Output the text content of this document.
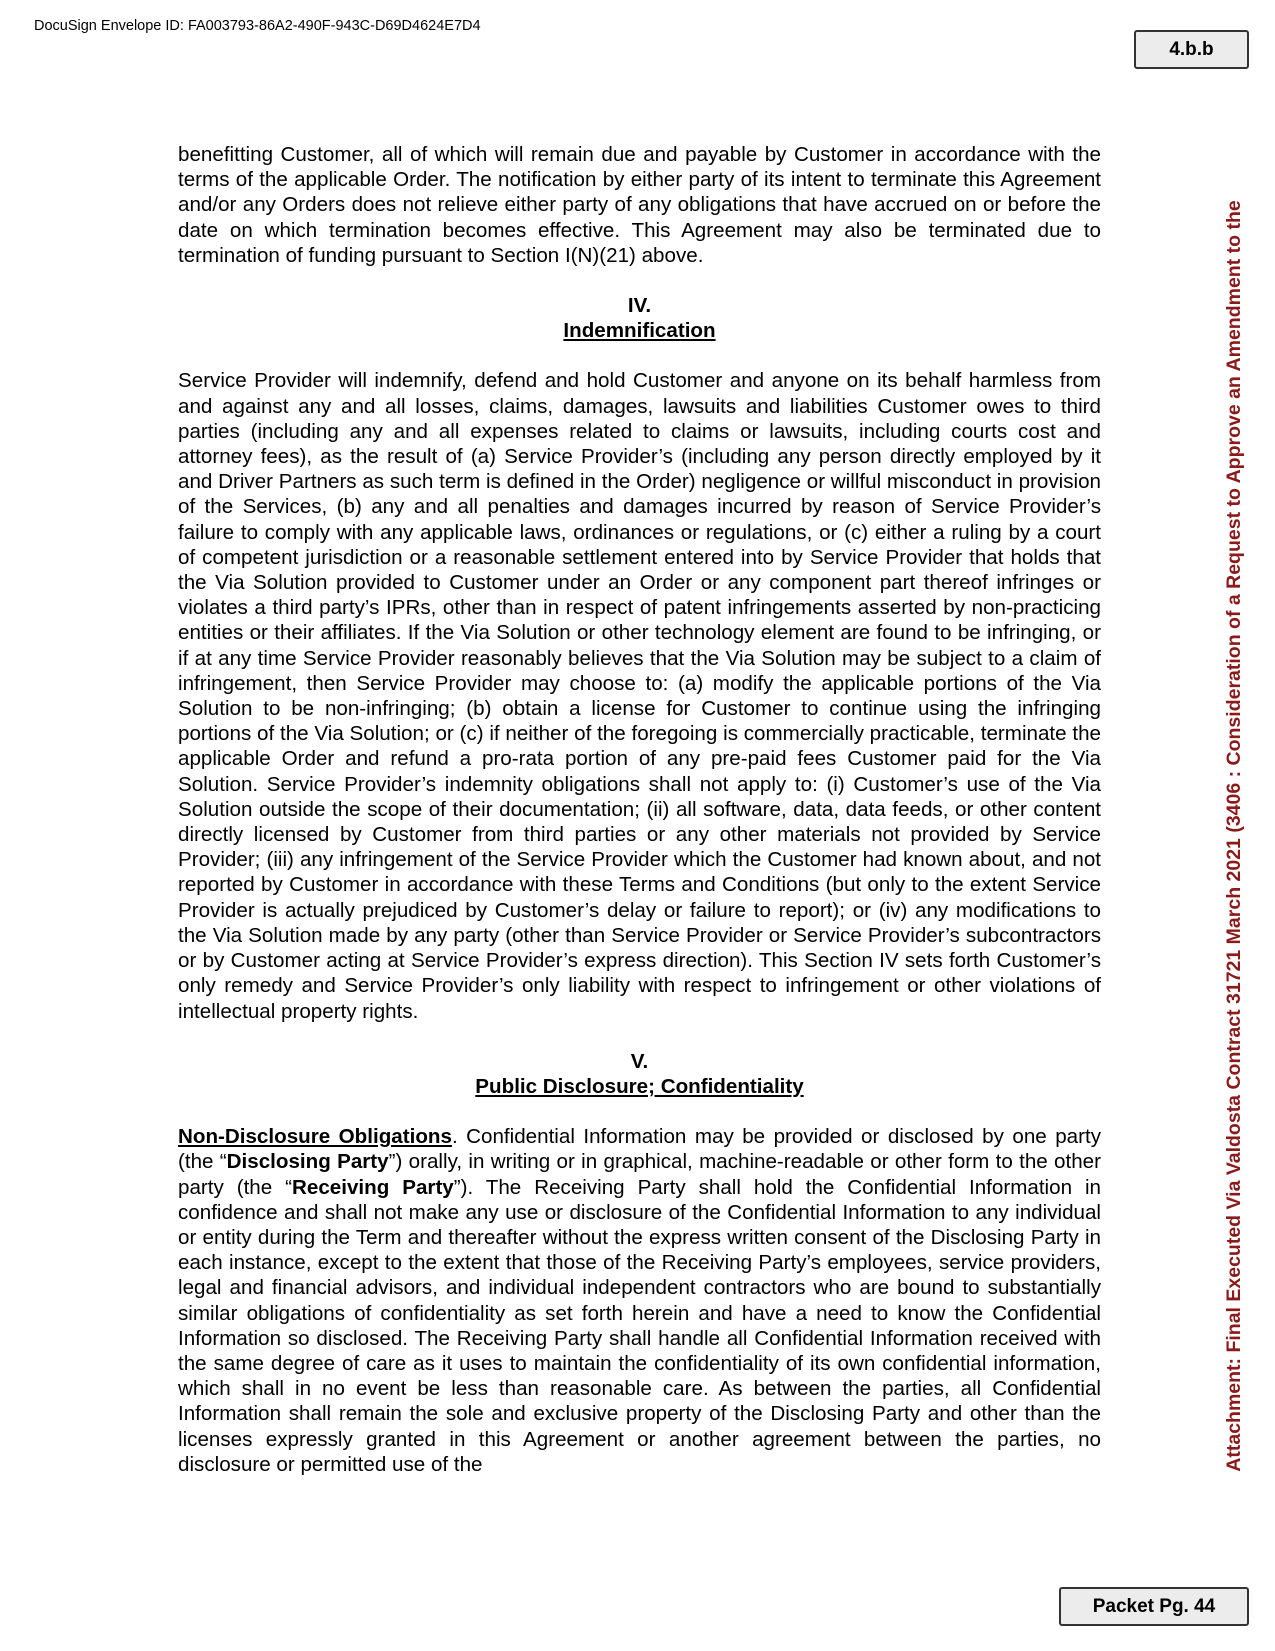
DocuSign Envelope ID: FA003793-86A2-490F-943C-D69D4624E7D4
4.b.b
Attachment: Final Executed Via Valdosta Contract 31721 March 2021 (3406 : Consideration of a Request to Approve an Amendment to the

benefitting Customer, all of which will remain due and payable by Customer in accordance with the terms of the applicable Order. The notification by either party of its intent to terminate this Agreement and/or any Orders does not relieve either party of any obligations that have accrued on or before the date on which termination becomes effective. This Agreement may also be terminated due to termination of funding pursuant to Section I(N)(21) above.

IV.
Indemnification

Service Provider will indemnify, defend and hold Customer and anyone on its behalf harmless from and against any and all losses, claims, damages, lawsuits and liabilities Customer owes to third parties (including any and all expenses related to claims or lawsuits, including courts cost and attorney fees), as the result of (a) Service Provider’s (including any person directly employed by it and Driver Partners as such term is defined in the Order) negligence or willful misconduct in provision of the Services, (b) any and all penalties and damages incurred by reason of Service Provider’s failure to comply with any applicable laws, ordinances or regulations, or (c) either a ruling by a court of competent jurisdiction or a reasonable settlement entered into by Service Provider that holds that the Via Solution provided to Customer under an Order or any component part thereof infringes or violates a third party’s IPRs, other than in respect of patent infringements asserted by non-practicing entities or their affiliates. If the Via Solution or other technology element are found to be infringing, or if at any time Service Provider reasonably believes that the Via Solution may be subject to a claim of infringement, then Service Provider may choose to: (a) modify the applicable portions of the Via Solution to be non-infringing; (b) obtain a license for Customer to continue using the infringing portions of the Via Solution; or (c) if neither of the foregoing is commercially practicable, terminate the applicable Order and refund a pro-rata portion of any pre-paid fees Customer paid for the Via Solution. Service Provider’s indemnity obligations shall not apply to: (i) Customer’s use of the Via Solution outside the scope of their documentation; (ii) all software, data, data feeds, or other content directly licensed by Customer from third parties or any other materials not provided by Service Provider; (iii) any infringement of the Service Provider which the Customer had known about, and not reported by Customer in accordance with these Terms and Conditions (but only to the extent Service Provider is actually prejudiced by Customer’s delay or failure to report); or (iv) any modifications to the Via Solution made by any party (other than Service Provider or Service Provider’s subcontractors or by Customer acting at Service Provider’s express direction). This Section IV sets forth Customer’s only remedy and Service Provider’s only liability with respect to infringement or other violations of intellectual property rights.

V.
Public Disclosure; Confidentiality

Non-Disclosure Obligations. Confidential Information may be provided or disclosed by one party (the “Disclosing Party”) orally, in writing or in graphical, machine-readable or other form to the other party (the “Receiving Party”). The Receiving Party shall hold the Confidential Information in confidence and shall not make any use or disclosure of the Confidential Information to any individual or entity during the Term and thereafter without the express written consent of the Disclosing Party in each instance, except to the extent that those of the Receiving Party’s employees, service providers, legal and financial advisors, and individual independent contractors who are bound to substantially similar obligations of confidentiality as set forth herein and have a need to know the Confidential Information so disclosed. The Receiving Party shall handle all Confidential Information received with the same degree of care as it uses to maintain the confidentiality of its own confidential information, which shall in no event be less than reasonable care. As between the parties, all Confidential Information shall remain the sole and exclusive property of the Disclosing Party and other than the licenses expressly granted in this Agreement or another agreement between the parties, no disclosure or permitted use of the

Packet Pg. 44
